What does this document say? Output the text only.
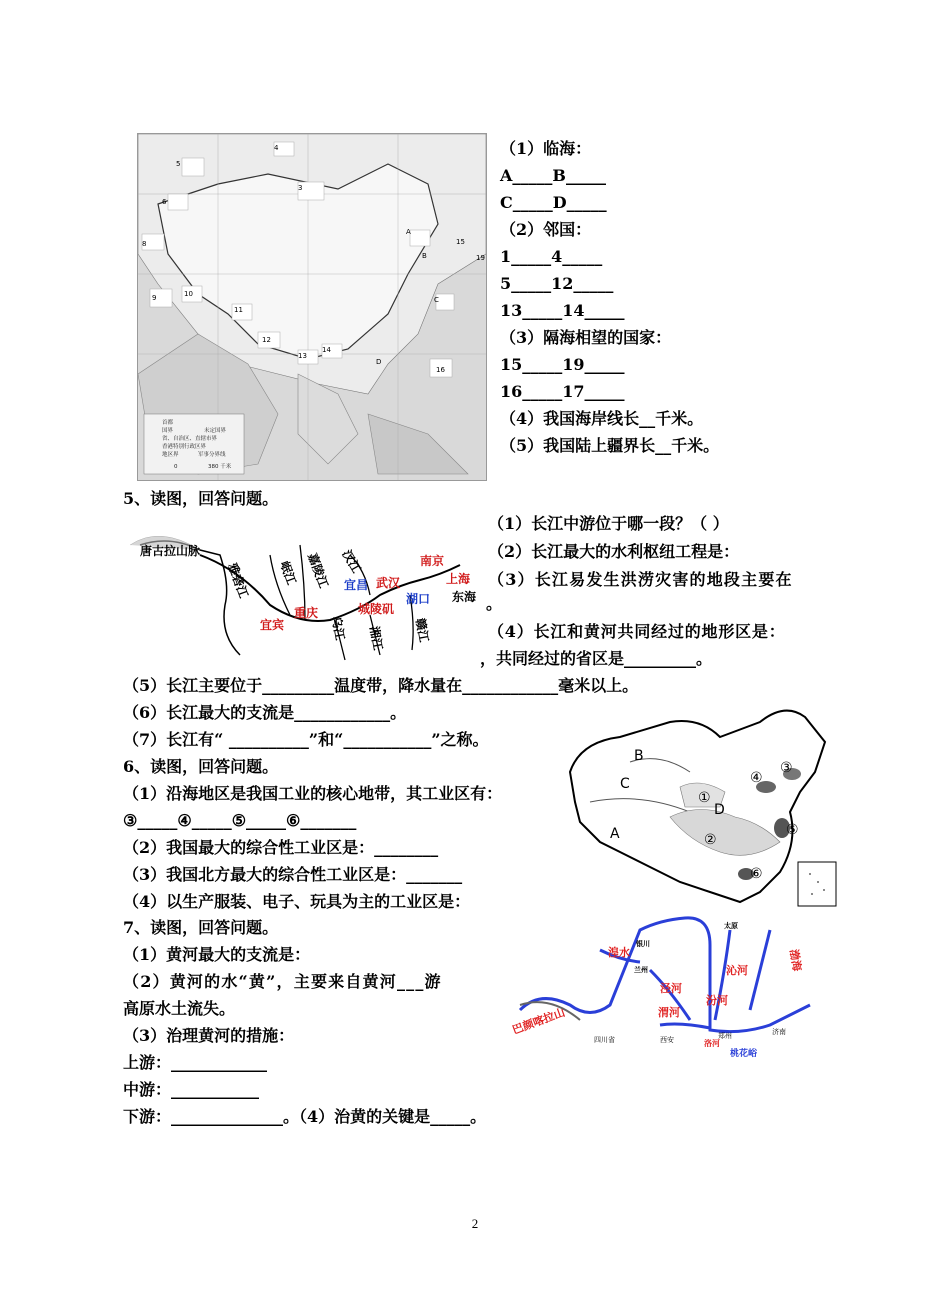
5
4
3
6
8
9	10
11
12
13
14
A
B
C
D
15
16
19
首都
国界	未定国界
省、自治区、直辖市界
香港特别行政区界
地区界	军事分界线
0	380 千米
（1）临海：
A_____B_____
C_____D_____
（2）邻国：
1_____4_____
5_____12_____
13_____14_____
（3）隔海相望的国家：
15_____19_____
16_____17_____
（4）我国海岸线长__千米。
（5）我国陆上疆界长__千米。
5、读图，回答问题。
唐古拉山脉
雅砻江 岷江 嘉陵江 汉江
宜昌 武汉
南京
上海
东海
重庆
宜宾	乌江
城陵矶
湘江
湖口
赣江
（1）长江中游位于哪一段？（ ）
（2）长江最大的水利枢纽工程是：
（3）长江易发生洪涝灾害的地段主要在
。
（4）长江和黄河共同经过的地形区是：
，共同经过的省区是_________。
（5）长江主要位于_________温度带，降水量在____________毫米以上。
（6）长江最大的支流是____________。
（7）长江有“ __________”和“___________”之称。
6、读图，回答问题。
（1）沿海地区是我国工业的核心地带，其工业区有：
③_____④_____⑤_____⑥_______
（2）我国最大的综合性工业区是：________
（3）我国北方最大的综合性工业区是：_______
（4）以生产服装、电子、玩具为主的工业区是：
B
C
A
D
①
②
③
④
⑤
⑥
7、读图，回答问题。
（1）黄河最大的支流是：
（2）黄河的水“黄”，主要来自黄河___游
高原水土流失。
（3）治理黄河的措施：
上游：____________
中游：___________
下游：______________。（4）治黄的关键是_____。
渤海
太原
湟水
银川
兰州
泾河
渭河
汾河
沁河
洛河
巴颜喀拉山
四川省	西安
桃花峪
济南
郑州
2
